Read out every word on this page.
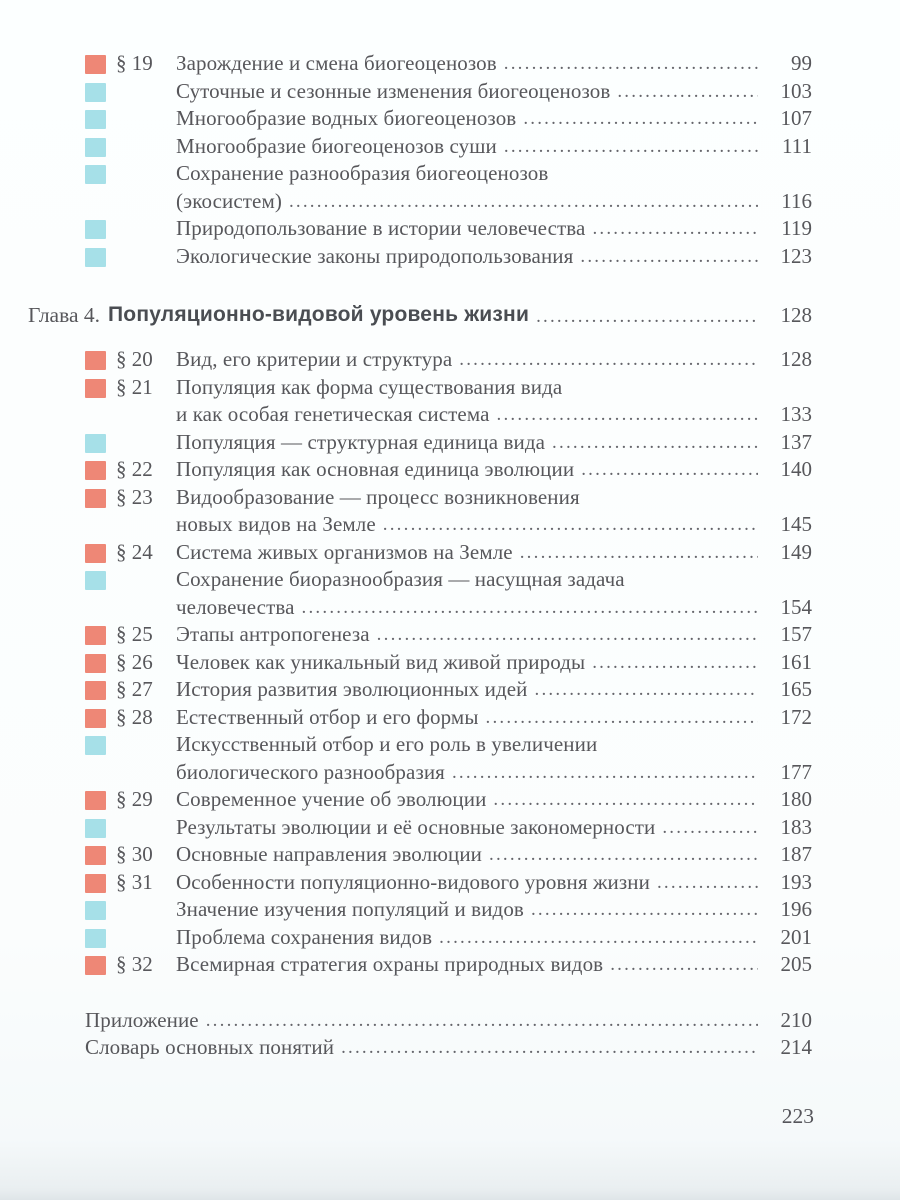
§ 19	Зарождение и смена биогеоценозов .....	99
Суточные и сезонные изменения биогеоценозов .....	103
Многообразие водных биогеоценозов .....	107
Многообразие биогеоценозов суши .....	111
Сохранение разнообразия биогеоценозов
(экосистем) .....	116
Природопользование в истории человечества .....	119
Экологические законы природопользования .....	123
Глава 4. Популяционно-видовой уровень жизни .....	128
§ 20	Вид, его критерии и структура .....	128
§ 21	Популяция как форма существования вида
и как особая генетическая система .....	133
Популяция — структурная единица вида .....	137
§ 22	Популяция как основная единица эволюции .....	140
§ 23	Видообразование — процесс возникновения
новых видов на Земле .....	145
§ 24	Система живых организмов на Земле .....	149
Сохранение биоразнообразия — насущная задача
человечества .....	154
§ 25	Этапы антропогенеза .....	157
§ 26	Человек как уникальный вид живой природы .....	161
§ 27	История развития эволюционных идей .....	165
§ 28	Естественный отбор и его формы .....	172
Искусственный отбор и его роль в увеличении
биологического разнообразия .....	177
§ 29	Современное учение об эволюции .....	180
Результаты эволюции и её основные закономерности .....	183
§ 30	Основные направления эволюции .....	187
§ 31	Особенности популяционно-видового уровня жизни .....	193
Значение изучения популяций и видов .....	196
Проблема сохранения видов .....	201
§ 32	Всемирная стратегия охраны природных видов .....	205
Приложение .....	210
Словарь основных понятий .....	214
223
